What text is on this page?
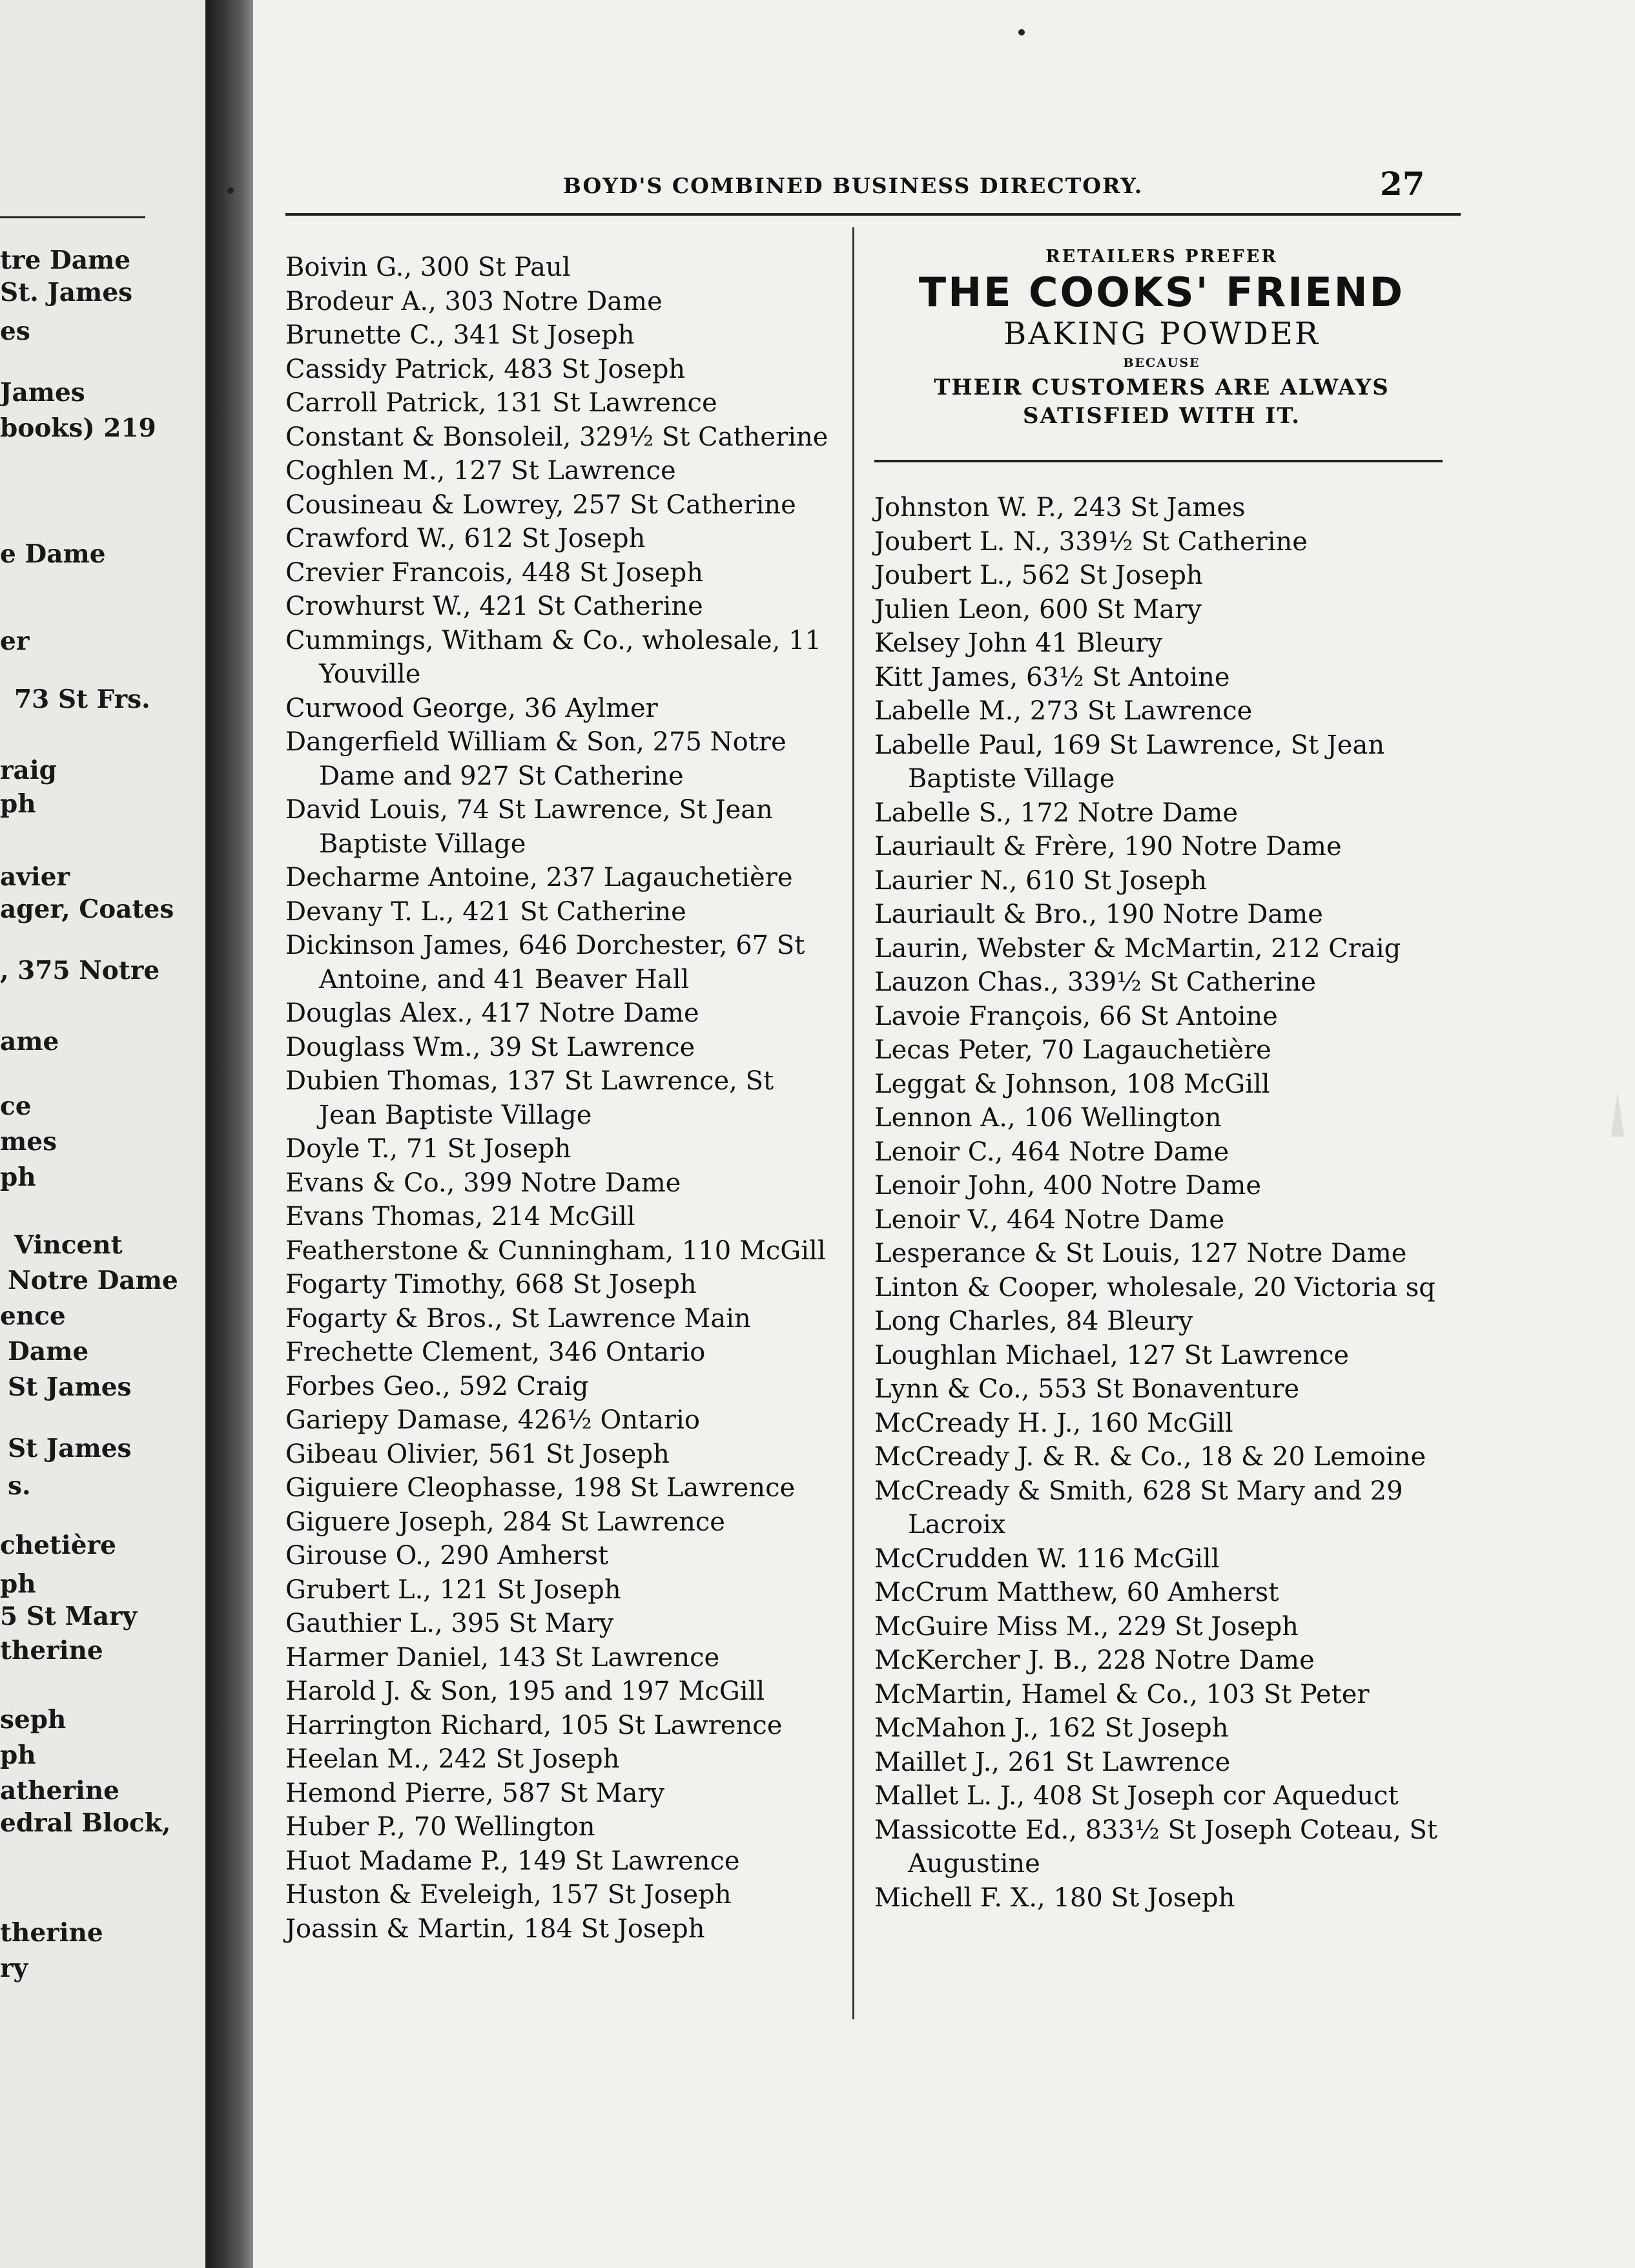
tre Dame
St. James
es
James
books) 219
e Dame
er
73 St Frs.
raig
ph
avier
ager, Coates
, 375 Notre
ame
ce
mes
ph
Vincent
Notre Dame
ence
Dame
St James
St James
s.
chetière
ph
5 St Mary
therine
seph
ph
atherine
edral Block,
therine
ry
BOYD'S COMBINED BUSINESS DIRECTORY.	27
Boivin G., 300 St Paul
Brodeur A., 303 Notre Dame
Brunette C., 341 St Joseph
Cassidy Patrick, 483 St Joseph
Carroll Patrick, 131 St Lawrence
Constant & Bonsoleil, 329½ St Catherine
Coghlen M., 127 St Lawrence
Cousineau & Lowrey, 257 St Catherine
Crawford W., 612 St Joseph
Crevier Francois, 448 St Joseph
Crowhurst W., 421 St Catherine
Cummings, Witham & Co., wholesale, 11 Youville
Curwood George, 36 Aylmer
Dangerfield William & Son, 275 Notre Dame and 927 St Catherine
David Louis, 74 St Lawrence, St Jean Baptiste Village
Decharme Antoine, 237 Lagauchetière
Devany T. L., 421 St Catherine
Dickinson James, 646 Dorchester, 67 St Antoine, and 41 Beaver Hall
Douglas Alex., 417 Notre Dame
Douglass Wm., 39 St Lawrence
Dubien Thomas, 137 St Lawrence, St Jean Baptiste Village
Doyle T., 71 St Joseph
Evans & Co., 399 Notre Dame
Evans Thomas, 214 McGill
Featherstone & Cunningham, 110 McGill
Fogarty Timothy, 668 St Joseph
Fogarty & Bros., St Lawrence Main
Frechette Clement, 346 Ontario
Forbes Geo., 592 Craig
Gariepy Damase, 426½ Ontario
Gibeau Olivier, 561 St Joseph
Giguiere Cleophasse, 198 St Lawrence
Giguere Joseph, 284 St Lawrence
Girouse O., 290 Amherst
Grubert L., 121 St Joseph
Gauthier L., 395 St Mary
Harmer Daniel, 143 St Lawrence
Harold J. & Son, 195 and 197 McGill
Harrington Richard, 105 St Lawrence
Heelan M., 242 St Joseph
Hemond Pierre, 587 St Mary
Huber P., 70 Wellington
Huot Madame P., 149 St Lawrence
Huston & Eveleigh, 157 St Joseph
Joassin & Martin, 184 St Joseph
RETAILERS PREFER
THE COOKS' FRIEND
BAKING POWDER
BECAUSE
THEIR CUSTOMERS ARE ALWAYS
SATISFIED WITH IT.
Johnston W. P., 243 St James
Joubert L. N., 339½ St Catherine
Joubert L., 562 St Joseph
Julien Leon, 600 St Mary
Kelsey John 41 Bleury
Kitt James, 63½ St Antoine
Labelle M., 273 St Lawrence
Labelle Paul, 169 St Lawrence, St Jean Baptiste Village
Labelle S., 172 Notre Dame
Lauriault & Frère, 190 Notre Dame
Laurier N., 610 St Joseph
Lauriault & Bro., 190 Notre Dame
Laurin, Webster & McMartin, 212 Craig
Lauzon Chas., 339½ St Catherine
Lavoie François, 66 St Antoine
Lecas Peter, 70 Lagauchetière
Leggat & Johnson, 108 McGill
Lennon A., 106 Wellington
Lenoir C., 464 Notre Dame
Lenoir John, 400 Notre Dame
Lenoir V., 464 Notre Dame
Lesperance & St Louis, 127 Notre Dame
Linton & Cooper, wholesale, 20 Victoria sq
Long Charles, 84 Bleury
Loughlan Michael, 127 St Lawrence
Lynn & Co., 553 St Bonaventure
McCready H. J., 160 McGill
McCready J. & R. & Co., 18 & 20 Lemoine
McCready & Smith, 628 St Mary and 29 Lacroix
McCrudden W. 116 McGill
McCrum Matthew, 60 Amherst
McGuire Miss M., 229 St Joseph
McKercher J. B., 228 Notre Dame
McMartin, Hamel & Co., 103 St Peter
McMahon J., 162 St Joseph
Maillet J., 261 St Lawrence
Mallet L. J., 408 St Joseph cor Aqueduct
Massicotte Ed., 833½ St Joseph Coteau, St Augustine
Michell F. X., 180 St Joseph
